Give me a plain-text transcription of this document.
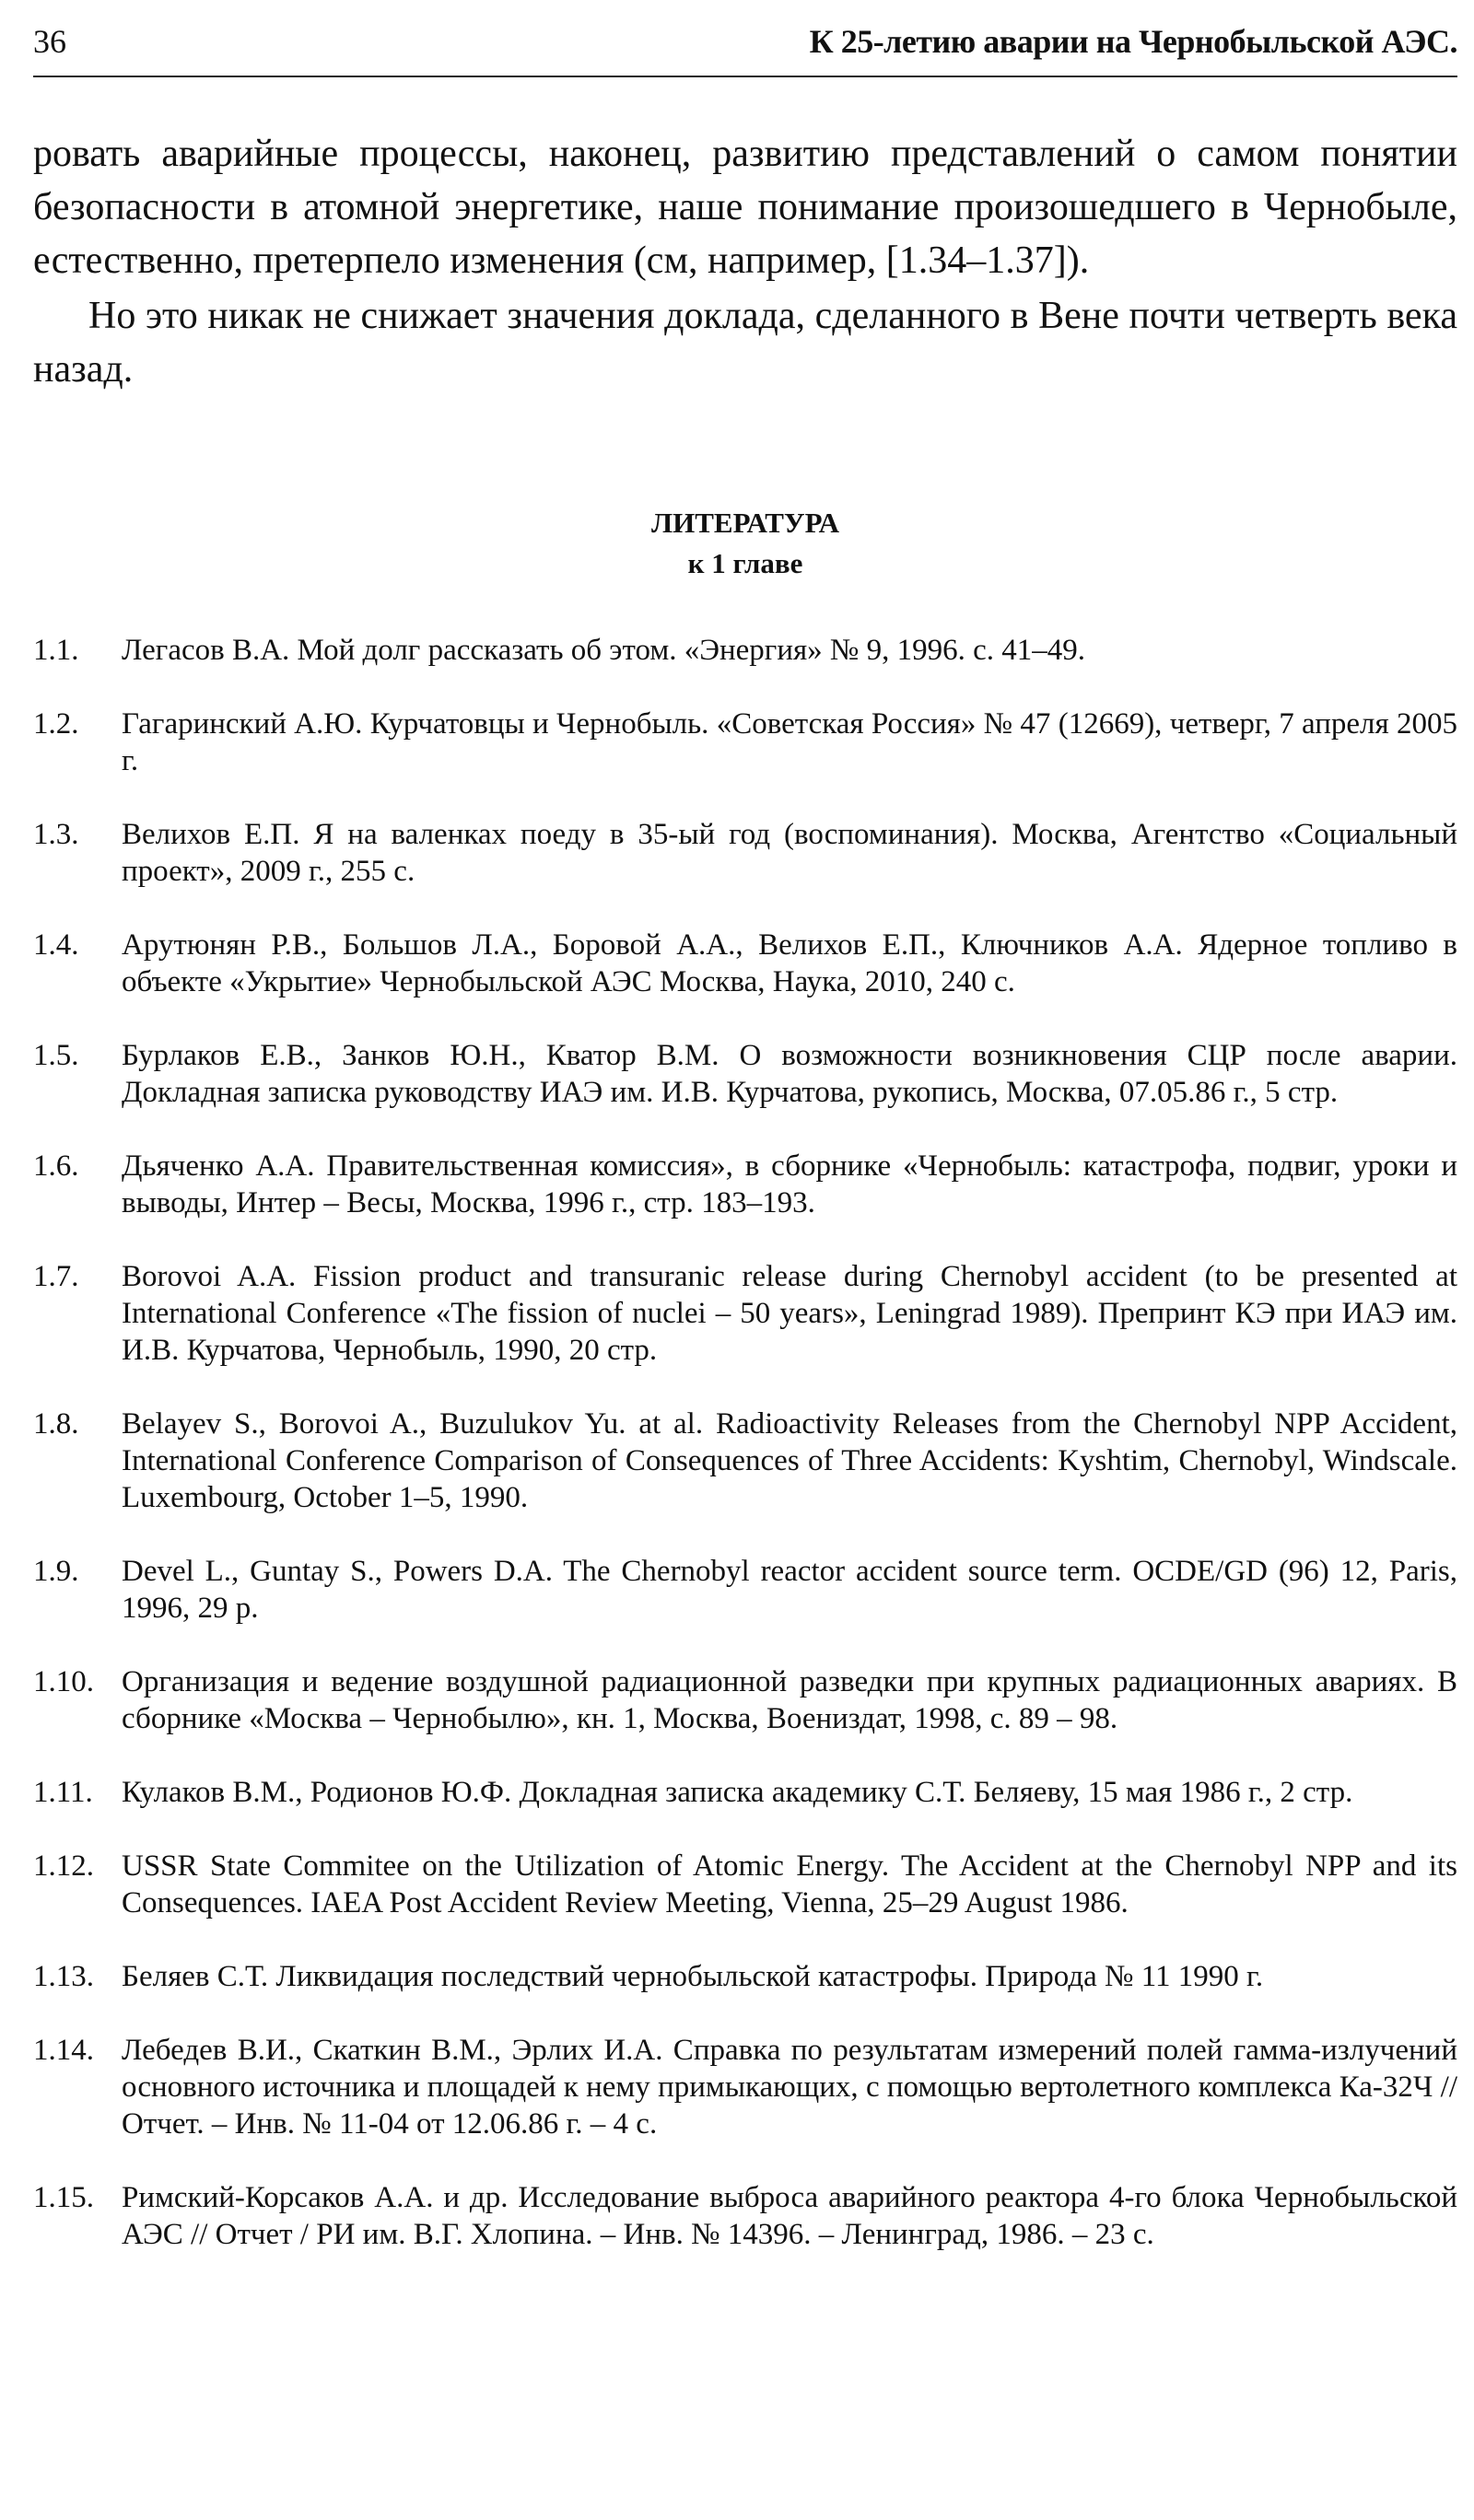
36	К 25-летию аварии на Чернобыльской АЭС.

ровать аварийные процессы, наконец, развитию представлений о самом понятии безопасности в атомной энергетике, наше понимание произошедшего в Чернобыле, естественно, претерпело изменения (см, например, [1.34–1.37]).

Но это никак не снижает значения доклада, сделанного в Вене почти четверть века назад.

ЛИТЕРАТУРА
к 1 главе
1.1.	Легасов В.А. Мой долг рассказать об этом. «Энергия» № 9, 1996. с. 41–49.
1.2.	Гагаринский А.Ю. Курчатовцы и Чернобыль. «Советская Россия» № 47 (12669), четверг, 7 апреля 2005 г.
1.3.	Велихов Е.П. Я на валенках поеду в 35-ый год (воспоминания). Москва, Агентство «Социальный проект», 2009 г., 255 с.
1.4.	Арутюнян Р.В., Большов Л.А., Боровой А.А., Велихов Е.П., Ключников А.А. Ядерное топливо в объекте «Укрытие» Чернобыльской АЭС Москва, Наука, 2010, 240 с.
1.5.	Бурлаков Е.В., Занков Ю.Н., Кватор В.М. О возможности возникновения СЦР после аварии. Докладная записка руководству ИАЭ им. И.В. Курчатова, рукопись, Москва, 07.05.86 г., 5 стр.
1.6.	Дьяченко А.А. Правительственная комиссия», в сборнике «Чернобыль: катастрофа, подвиг, уроки и выводы, Интер – Весы, Москва, 1996 г., стр. 183–193.
1.7.	Borovoi A.A. Fission product and transuranic release during Chernobyl accident (to be presented at International Conference «The fission of nuclei – 50 years», Leningrad 1989). Препринт КЭ при ИАЭ им. И.В. Курчатова, Чернобыль, 1990, 20 стр.
1.8.	Belayev S., Borovoi A., Buzulukov Yu. at al. Radioactivity Releases from the Chernobyl NPP Accident, International Conference Comparison of Consequences of Three Accidents: Kyshtim, Chernobyl, Windscale. Luxembourg, October 1–5, 1990.
1.9.	Devel L., Guntay S., Powers D.A. The Chernobyl reactor accident source term. OCDE/GD (96) 12, Paris, 1996, 29 p.
1.10. Организация и ведение воздушной радиационной разведки при крупных радиационных авариях. В сборнике «Москва – Чернобылю», кн. 1, Москва, Воениздат, 1998, с. 89 – 98.
1.11. Кулаков В.М., Родионов Ю.Ф. Докладная записка академику С.Т. Беляеву, 15 мая 1986 г., 2 стр.
1.12. USSR State Commitee on the Utilization of Atomic Energy. The Accident at the Chernobyl NPP and its Consequences. IAEA Post Accident Review Meeting, Vienna, 25–29 August 1986.
1.13. Беляев С.Т. Ликвидация последствий чернобыльской катастрофы. Природа № 11 1990 г.
1.14. Лебедев В.И., Скаткин В.М., Эрлих И.А. Справка по результатам измерений полей гамма-излучений основного источника и площадей к нему примыкающих, с помощью вертолетного комплекса Ка-32Ч // Отчет. – Инв. № 11-04 от 12.06.86 г. – 4 с.
1.15. Римский-Корсаков А.А. и др. Исследование выброса аварийного реактора 4-го блока Чернобыльской АЭС // Отчет / РИ им. В.Г. Хлопина. – Инв. № 14396. – Ленинград, 1986. – 23 с.
